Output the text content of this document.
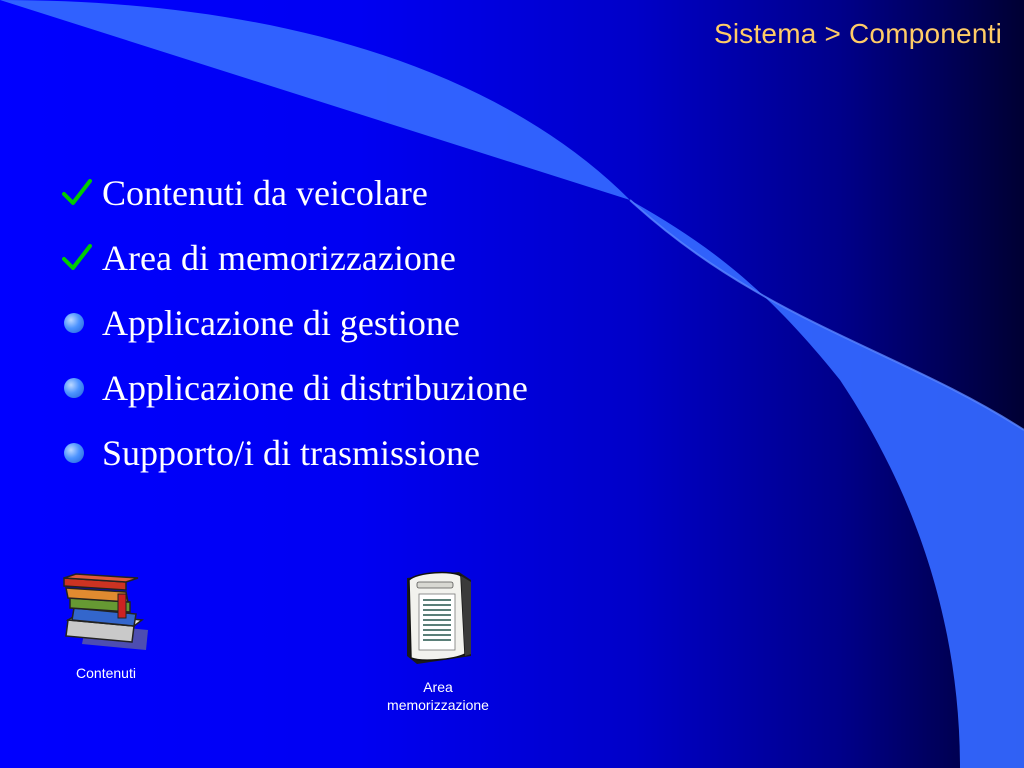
Sistema > Componenti
Contenuti da veicolare
Area di memorizzazione
Applicazione di gestione
Applicazione di distribuzione
Supporto/i di trasmissione
Contenuti
Area
memorizzazione
